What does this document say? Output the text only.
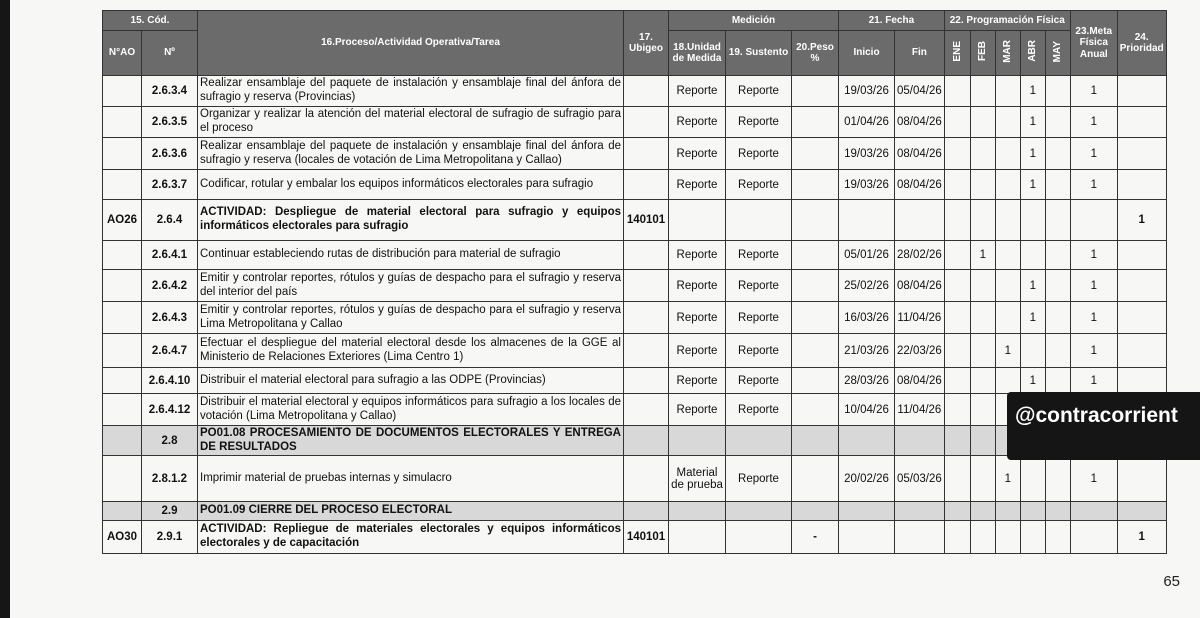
15. Cód.		16.Proceso/Actividad Operativa/Tarea	17. Ubigeo	Medición			21. Fecha		22. Programación Física					23.Meta Física Anual	24. Prioridad
N°AO	Nº			18.Unidad de Medida	19. Sustento	20.Peso %	Inicio	Fin	ENE	FEB	MAR	ABR	MAY		
	2.6.3.4	Realizar ensamblaje del paquete de instalación y ensamblaje final del ánfora de sufragio y reserva (Provincias)		Reporte	Reporte		19/03/26	05/04/26				1		1	
	2.6.3.5	Organizar y realizar la atención del material electoral de sufragio de sufragio para el proceso		Reporte	Reporte		01/04/26	08/04/26				1		1	
	2.6.3.6	Realizar ensamblaje del paquete de instalación y ensamblaje final del ánfora de sufragio y reserva (locales de votación de Lima Metropolitana y Callao)		Reporte	Reporte		19/03/26	08/04/26				1		1	
	2.6.3.7	Codificar, rotular y embalar los equipos informáticos electorales para sufragio		Reporte	Reporte		19/03/26	08/04/26				1		1	
AO26	2.6.4	ACTIVIDAD: Despliegue de material electoral para sufragio y equipos informáticos electorales para sufragio	140101												1
	2.6.4.1	Continuar estableciendo rutas de distribución para material de sufragio		Reporte	Reporte		05/01/26	28/02/26		1				1	
	2.6.4.2	Emitir y controlar reportes, rótulos y guías de despacho para el sufragio y reserva del interior del país		Reporte	Reporte		25/02/26	08/04/26				1		1	
	2.6.4.3	Emitir y controlar reportes, rótulos y guías de despacho para el sufragio y reserva Lima Metropolitana y Callao		Reporte	Reporte		16/03/26	11/04/26				1		1	
	2.6.4.7	Efectuar el despliegue del material electoral desde los almacenes de la GGE al Ministerio de Relaciones Exteriores (Lima Centro 1)		Reporte	Reporte		21/03/26	22/03/26			1			1	
	2.6.4.10	Distribuir el material electoral para sufragio a las ODPE (Provincias)		Reporte	Reporte		28/03/26	08/04/26				1		1	
	2.6.4.12	Distribuir el material electoral y equipos informáticos para sufragio a los locales de votación (Lima Metropolitana y Callao)		Reporte	Reporte		10/04/26	11/04/26							
	2.8	PO01.08 PROCESAMIENTO DE DOCUMENTOS ELECTORALES Y ENTREGA DE RESULTADOS													
	2.8.1.2	Imprimir material de pruebas internas y simulacro		Material de prueba	Reporte		20/02/26	05/03/26			1			1	
	2.9	PO01.09 CIERRE DEL PROCESO ELECTORAL													
AO30	2.9.1	ACTIVIDAD: Repliegue de materiales electorales y equipos informáticos electorales y de capacitación	140101			-									1
@contracorrient
65
